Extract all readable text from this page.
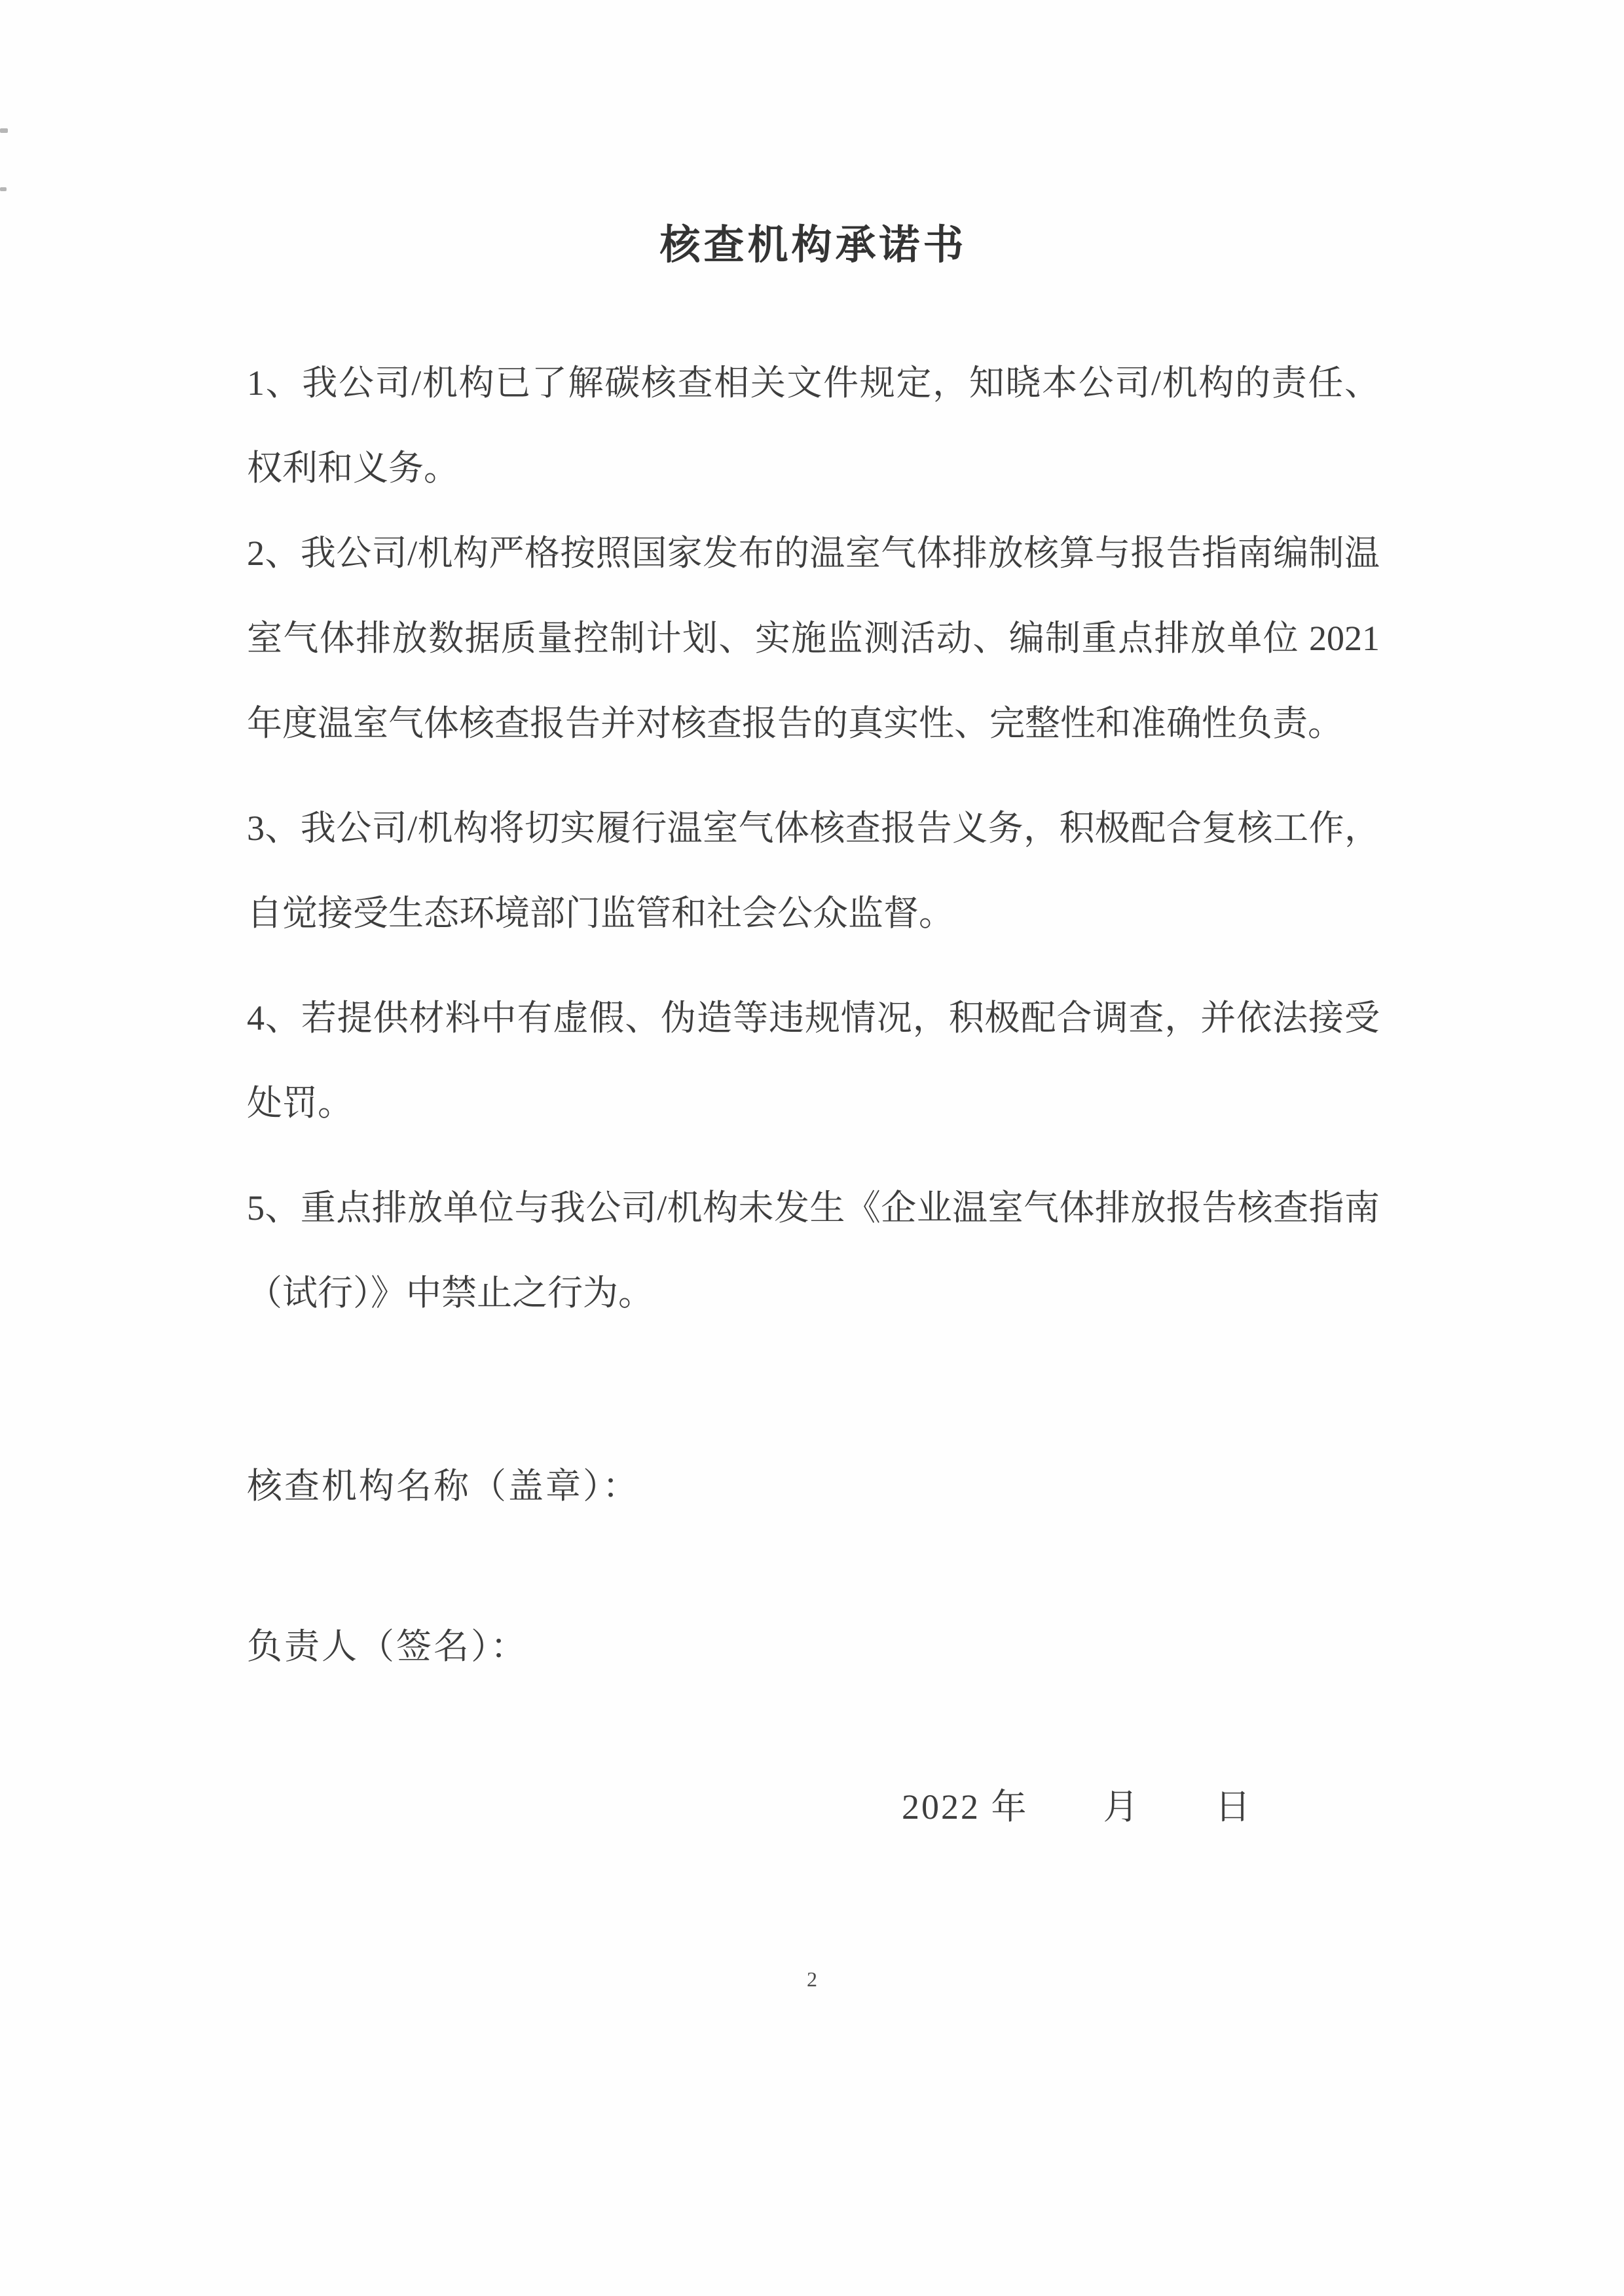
核查机构承诺书

1、我公司/机构已了解碳核查相关文件规定，知晓本公司/机构的责任、权利和义务。

2、我公司/机构严格按照国家发布的温室气体排放核算与报告指南编制温室气体排放数据质量控制计划、实施监测活动、编制重点排放单位 2021 年度温室气体核查报告并对核查报告的真实性、完整性和准确性负责。

3、我公司/机构将切实履行温室气体核查报告义务，积极配合复核工作，自觉接受生态环境部门监管和社会公众监督。

4、若提供材料中有虚假、伪造等违规情况，积极配合调查，并依法接受处罚。

5、重点排放单位与我公司/机构未发生《企业温室气体排放报告核查指南（试行）》中禁止之行为。

核查机构名称（盖章）：

负责人（签名）：

2022 年　　月　　日

2
